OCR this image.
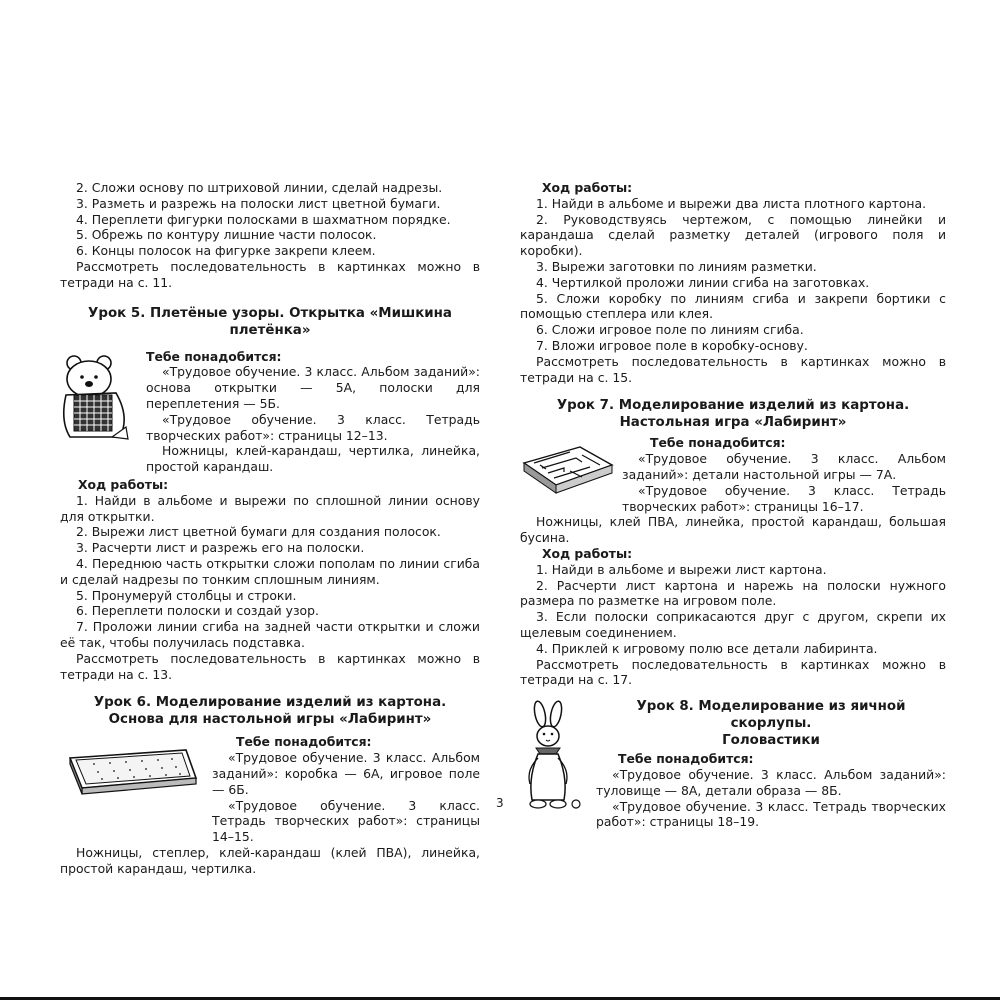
2. Сложи основу по штриховой линии, сделай надрезы.

3. Разметь и разрежь на полоски лист цветной бумаги.

4. Переплети фигурки полосками в шахматном порядке.

5. Обрежь по контуру лишние части полосок.

6. Концы полосок на фигурке закрепи клеем.

Рассмотреть последовательность в картинках можно в тетради на с. 11.

Урок 5. Плетёные узоры. Открытка «Мишкина плетёнка»

Тебе понадобится:

«Трудовое обучение. 3 класс. Альбом заданий»: основа открытки — 5А, полоски для переплетения — 5Б.

«Трудовое обучение. 3 класс. Тетрадь творческих работ»: страницы 12–13.

Ножницы, клей-карандаш, чертилка, линейка, простой карандаш.

Ход работы:

1. Найди в альбоме и вырежи по сплошной линии основу для открытки.

2. Вырежи лист цветной бумаги для создания полосок.

3. Расчерти лист и разрежь его на полоски.

4. Переднюю часть открытки сложи пополам по линии сгиба и сделай надрезы по тонким сплошным линиям.

5. Пронумеруй столбцы и строки.

6. Переплети полоски и создай узор.

7. Проложи линии сгиба на задней части открытки и сложи её так, чтобы получилась подставка.

Рассмотреть последовательность в картинках можно в тетради на с. 13.

Урок 6. Моделирование изделий из картона.

Основа для настольной игры «Лабиринт»

Тебе понадобится:

«Трудовое обучение. 3 класс. Альбом заданий»: коробка — 6А, игровое поле — 6Б.

«Трудовое обучение. 3 класс. Тетрадь творческих работ»: страницы 14–15.

Ножницы, степлер, клей-карандаш (клей ПВА), линейка, простой карандаш, чертилка.

Ход работы:

1. Найди в альбоме и вырежи два листа плотного картона.

2. Руководствуясь чертежом, с помощью линейки и карандаша сделай разметку деталей (игрового поля и коробки).

3. Вырежи заготовки по линиям разметки.

4. Чертилкой проложи линии сгиба на заготовках.

5. Сложи коробку по линиям сгиба и закрепи бортики с помощью степлера или клея.

6. Сложи игровое поле по линиям сгиба.

7. Вложи игровое поле в коробку-основу.

Рассмотреть последовательность в картинках можно в тетради на с. 15.

Урок 7. Моделирование изделий из картона.

Настольная игра «Лабиринт»

Тебе понадобится:

«Трудовое обучение. 3 класс. Альбом заданий»: детали настольной игры — 7А.

«Трудовое обучение. 3 класс. Тетрадь творческих работ»: страницы 16–17.

Ножницы, клей ПВА, линейка, простой карандаш, большая бусина.

Ход работы:

1. Найди в альбоме и вырежи лист картона.

2. Расчерти лист картона и нарежь на полоски нужного размера по разметке на игровом поле.

3. Если полоски соприкасаются друг с другом, скрепи их щелевым соединением.

4. Приклей к игровому полю все детали лабиринта.

Рассмотреть последовательность в картинках можно в тетради на с. 17.

Урок 8. Моделирование из яичной скорлупы.

Головастики

Тебе понадобится:

«Трудовое обучение. 3 класс. Альбом заданий»: туловище — 8А, детали образа — 8Б.

«Трудовое обучение. 3 класс. Тетрадь творческих работ»: страницы 18–19.

3
